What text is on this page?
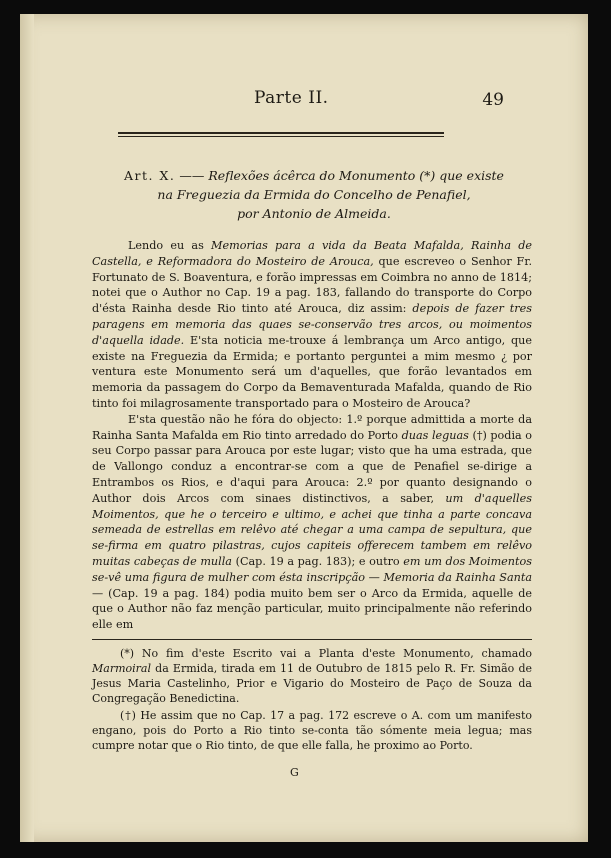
Parte II.	49
Art. X. —— Reflexões ácêrca do Monumento (*) que existe
na Freguezia da Ermida do Concelho de Penafiel,
por Antonio de Almeida.

Lendo eu as Memorias para a vida da Beata Mafalda, Rainha de Castella, e Reformadora do Mosteiro de Arouca, que escreveo o Senhor Fr. Fortunato de S. Boaventura, e forão impressas em Coimbra no anno de 1814; notei que o Author no Cap. 19 a pag. 183, fallando do transporte do Corpo d'ésta Rainha desde Rio tinto até Arouca, diz assim: depois de fazer tres paragens em memoria das quaes se-conservão tres arcos, ou moimentos d'aquella idade. E'sta noticia me-trouxe á lembrança um Arco antigo, que existe na Freguezia da Ermida; e portanto perguntei a mim mesmo ¿ por ventura este Monumento será um d'aquelles, que forão levantados em memoria da passagem do Corpo da Bemaventurada Mafalda, quando de Rio tinto foi milagrosamente transportado para o Mosteiro de Arouca?

E'sta questão não he fóra do objecto: 1.º porque admittida a morte da Rainha Santa Mafalda em Rio tinto arredado do Porto duas leguas (†) podia o seu Corpo passar para Arouca por este lugar; visto que ha uma estrada, que de Vallongo conduz a encontrar-se com a que de Penafiel se-dirige a Entrambos os Rios, e d'aqui para Arouca: 2.º por quanto designando o Author dois Arcos com sinaes distinctivos, a saber, um d'aquelles Moimentos, que he o terceiro e ultimo, e achei que tinha a parte concava semeada de estrellas em relêvo até chegar a uma campa de sepultura, que se-firma em quatro pilastras, cujos capiteis offerecem tambem em relêvo muitas cabeças de mulla (Cap. 19 a pag. 183); e outro em um dos Moimentos se-vê uma figura de mulher com ésta inscripção — Memoria da Rainha Santa — (Cap. 19 a pag. 184) podia muito bem ser o Arco da Ermida, aquelle de que o Author não faz menção particular, muito principalmente não referindo elle em

(*) No fim d'este Escrito vai a Planta d'este Monumento, chamado Marmoiral da Ermida, tirada em 11 de Outubro de 1815 pelo R. Fr. Simão de Jesus Maria Castelinho, Prior e Vigario do Mosteiro de Paço de Souza da Congregação Benedictina.

(†) He assim que no Cap. 17 a pag. 172 escreve o A. com um manifesto engano, pois do Porto a Rio tinto se-conta tão sómente meia legua; mas cumpre notar que o Rio tinto, de que elle falla, he proximo ao Porto.

G
